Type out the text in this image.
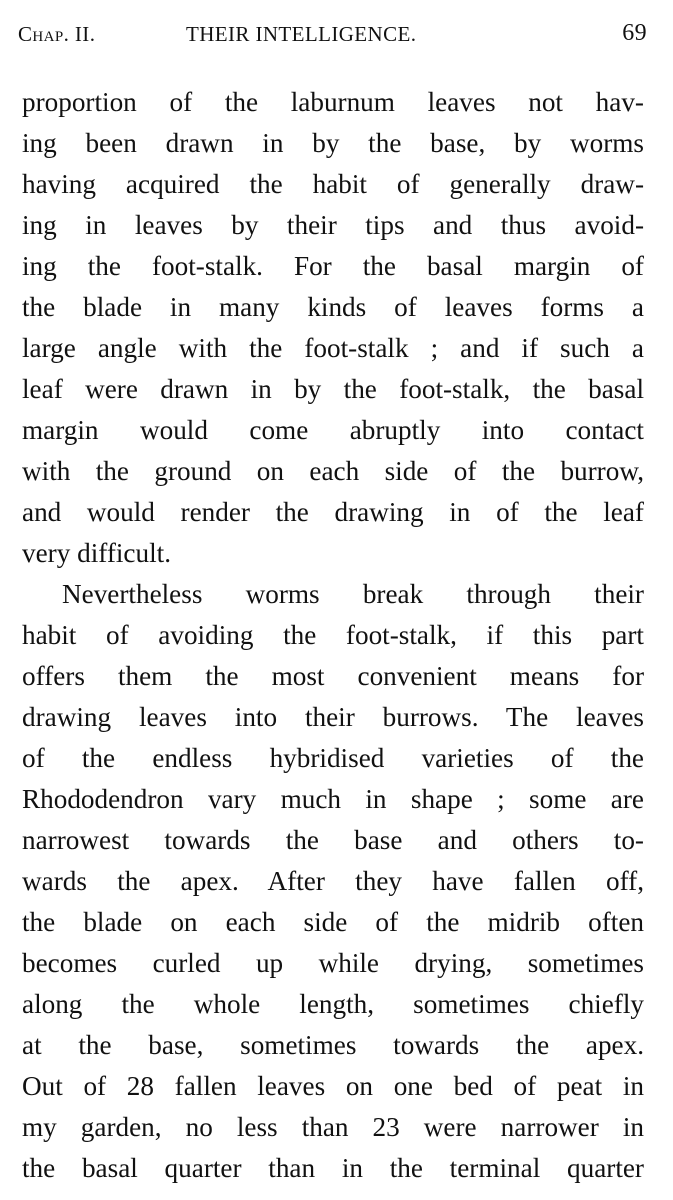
Chap. II.	THEIR INTELLIGENCE.	69
proportion of the laburnum leaves not hav-
ing been drawn in by the base, by worms
having acquired the habit of generally draw-
ing in leaves by their tips and thus avoid-
ing the foot-stalk. For the basal margin of
the blade in many kinds of leaves forms a
large angle with the foot-stalk ; and if such a
leaf were drawn in by the foot-stalk, the basal
margin would come abruptly into contact
with the ground on each side of the burrow,
and would render the drawing in of the leaf
very difficult.
Nevertheless worms break through their
habit of avoiding the foot-stalk, if this part
offers them the most convenient means for
drawing leaves into their burrows. The leaves
of the endless hybridised varieties of the
Rhododendron vary much in shape ; some are
narrowest towards the base and others to-
wards the apex. After they have fallen off,
the blade on each side of the midrib often
becomes curled up while drying, sometimes
along the whole length, sometimes chiefly
at the base, sometimes towards the apex.
Out of 28 fallen leaves on one bed of peat in
my garden, no less than 23 were narrower in
the basal quarter than in the terminal quarter
